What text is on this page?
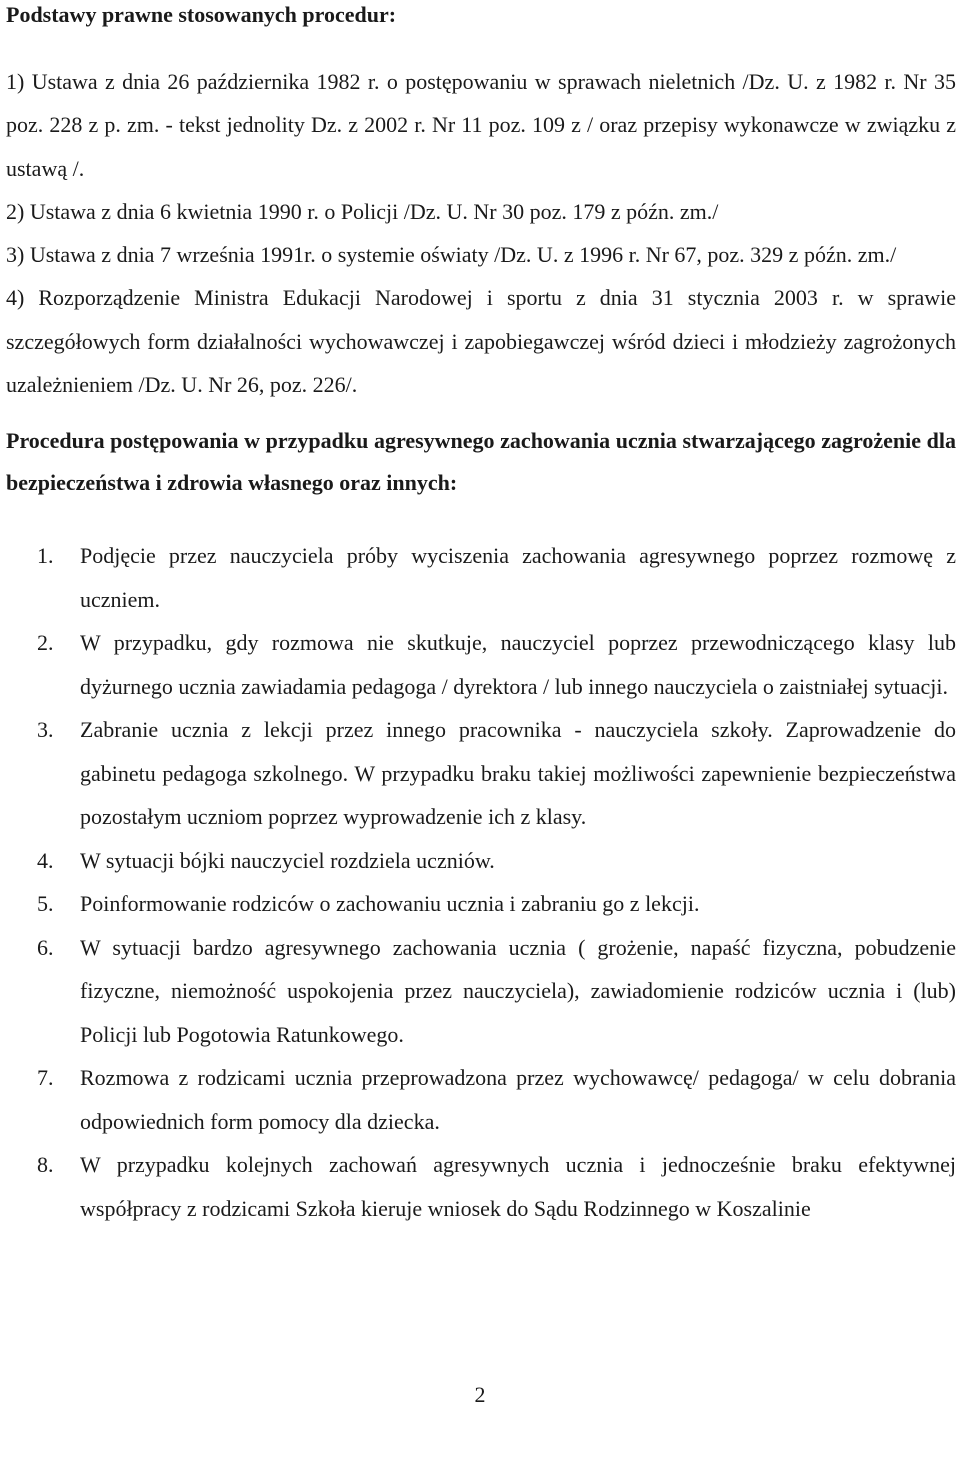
Podstawy prawne stosowanych procedur:

1) Ustawa z dnia 26 października 1982 r. o postępowaniu w sprawach nieletnich /Dz. U. z 1982 r. Nr 35 poz. 228 z p. zm. - tekst jednolity Dz. z 2002 r. Nr 11 poz. 109 z / oraz przepisy wykonawcze w związku z ustawą /.

2) Ustawa z dnia 6 kwietnia 1990 r. o Policji /Dz. U. Nr 30 poz. 179 z późn. zm./

3) Ustawa z dnia 7 września 1991r. o systemie oświaty /Dz. U. z 1996 r. Nr 67, poz. 329 z późn. zm./

4) Rozporządzenie Ministra Edukacji Narodowej i sportu z dnia 31 stycznia 2003 r. w sprawie szczegółowych form działalności wychowawczej i zapobiegawczej wśród dzieci i młodzieży zagrożonych uzależnieniem /Dz. U. Nr 26, poz. 226/.

Procedura postępowania w przypadku agresywnego zachowania ucznia stwarzającego zagrożenie dla bezpieczeństwa i zdrowia własnego oraz innych:

1. Podjęcie przez nauczyciela próby wyciszenia zachowania agresywnego poprzez rozmowę z uczniem.
2. W przypadku, gdy rozmowa nie skutkuje, nauczyciel poprzez przewodniczącego klasy lub dyżurnego ucznia zawiadamia pedagoga / dyrektora / lub innego nauczyciela o zaistniałej sytuacji.
3. Zabranie ucznia z lekcji przez innego pracownika - nauczyciela szkoły. Zaprowadzenie do gabinetu pedagoga szkolnego. W przypadku braku takiej możliwości zapewnienie bezpieczeństwa pozostałym uczniom poprzez wyprowadzenie ich z klasy.
4. W sytuacji bójki nauczyciel rozdziela uczniów.
5. Poinformowanie rodziców o zachowaniu ucznia i zabraniu go z lekcji.
6. W sytuacji bardzo agresywnego zachowania ucznia ( grożenie, napaść fizyczna, pobudzenie fizyczne, niemożność uspokojenia przez nauczyciela), zawiadomienie rodziców ucznia i (lub) Policji lub Pogotowia Ratunkowego.
7. Rozmowa z rodzicami ucznia przeprowadzona przez wychowawcę/ pedagoga/ w celu dobrania odpowiednich form pomocy dla dziecka.
8. W przypadku kolejnych zachowań agresywnych ucznia i jednocześnie braku efektywnej współpracy z rodzicami Szkoła kieruje wniosek do Sądu Rodzinnego w Koszalinie
2
